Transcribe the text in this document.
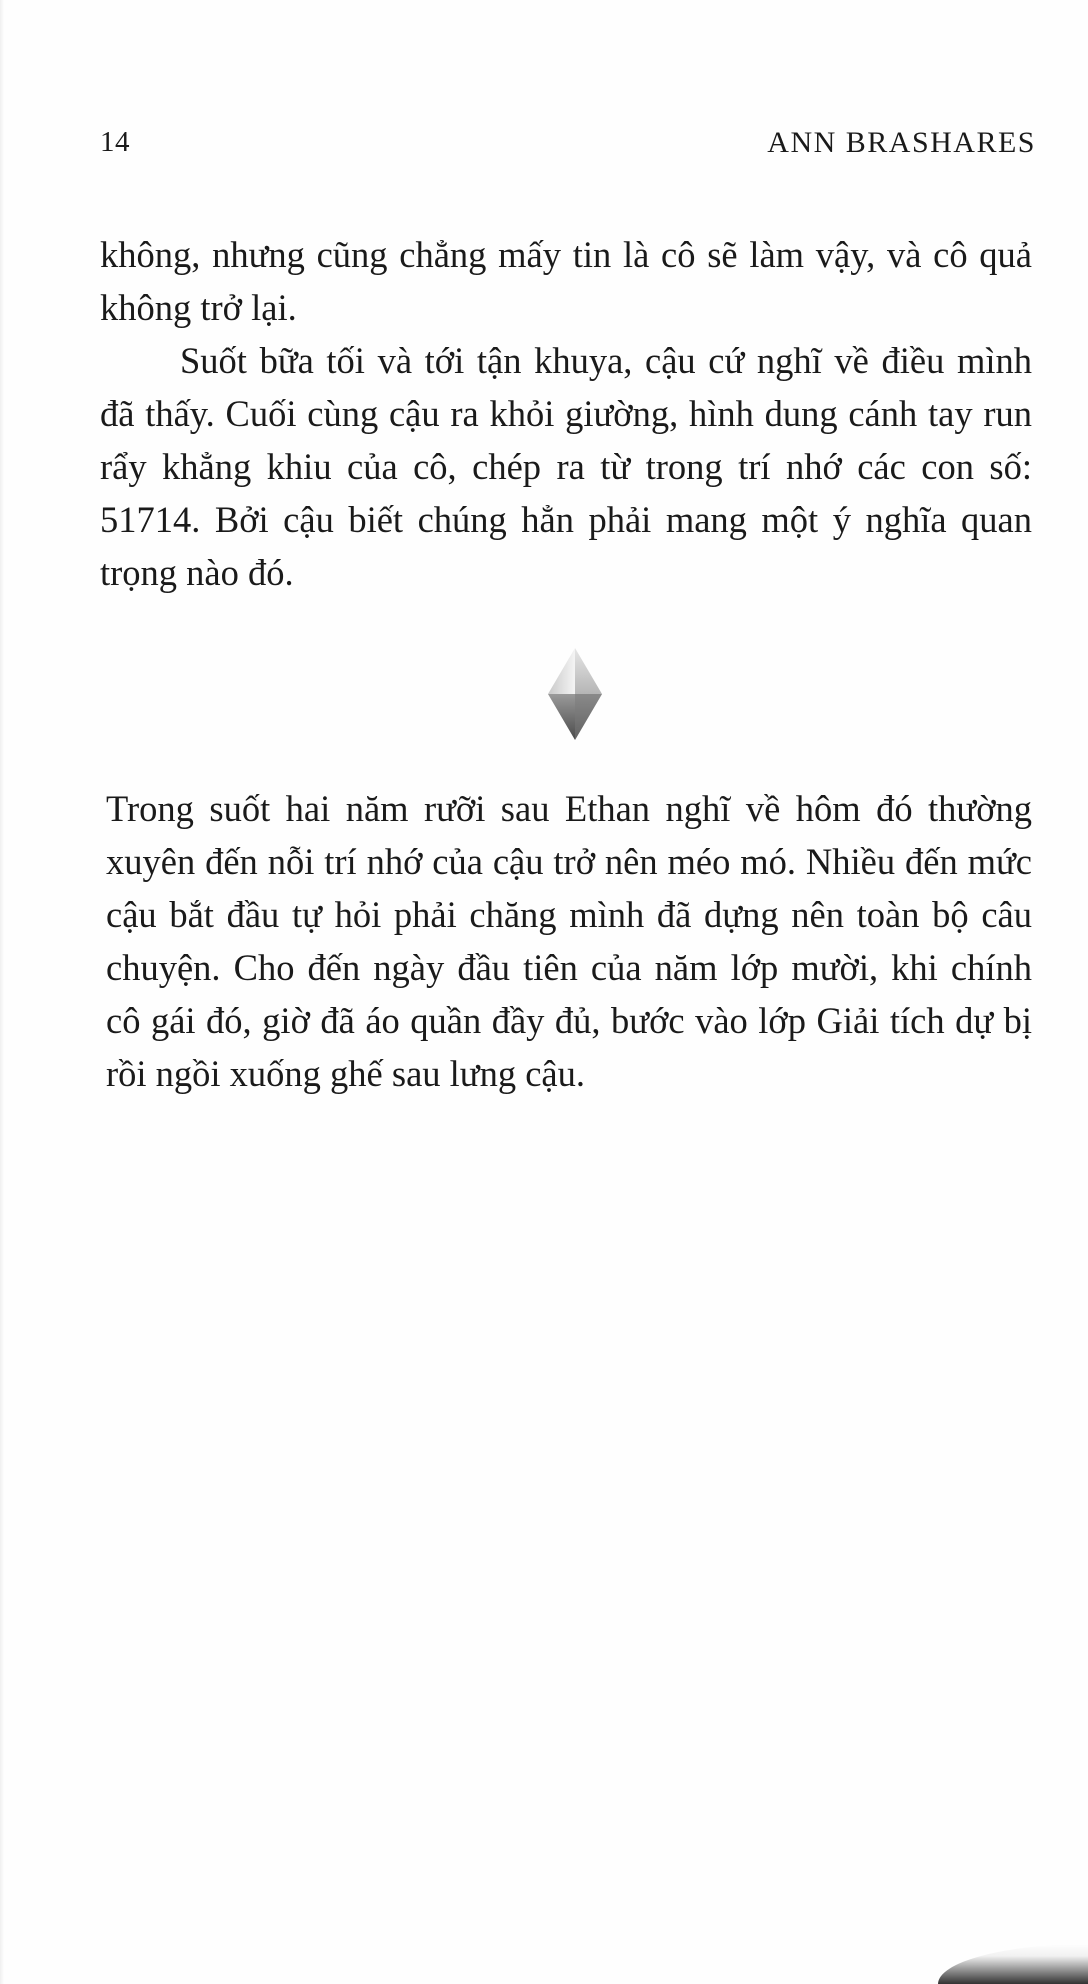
14	ANN BRASHARES

không, nhưng cũng chẳng mấy tin là cô sẽ làm vậy, và cô quả không trở lại.

Suốt bữa tối và tới tận khuya, cậu cứ nghĩ về điều mình đã thấy. Cuối cùng cậu ra khỏi giường, hình dung cánh tay run rẩy khẳng khiu của cô, chép ra từ trong trí nhớ các con số: 51714. Bởi cậu biết chúng hẳn phải mang một ý nghĩa quan trọng nào đó.

Trong suốt hai năm rưỡi sau Ethan nghĩ về hôm đó thường xuyên đến nỗi trí nhớ của cậu trở nên méo mó. Nhiều đến mức cậu bắt đầu tự hỏi phải chăng mình đã dựng nên toàn bộ câu chuyện. Cho đến ngày đầu tiên của năm lớp mười, khi chính cô gái đó, giờ đã áo quần đầy đủ, bước vào lớp Giải tích dự bị rồi ngồi xuống ghế sau lưng cậu.
